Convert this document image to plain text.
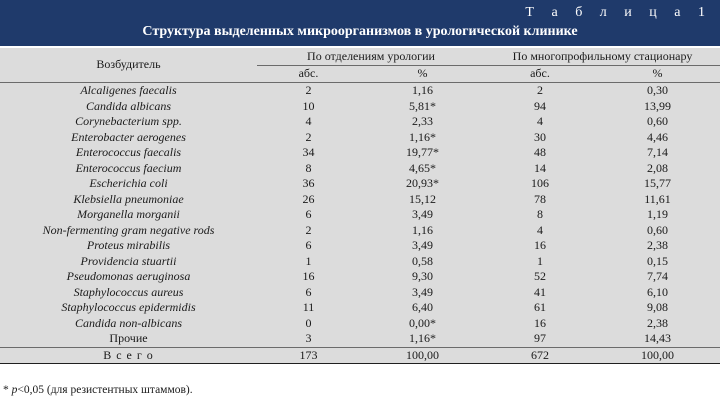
Т а б л и ц а 1
Структура выделенных микроорганизмов в урологической клинике
Возбудитель	По отделениям урологии		По многопрофильному стационару	
	абс.	%	абс.	%
Alcaligenes faecalis	2	1,16	2	0,30
Candida albicans	10	5,81*	94	13,99
Corynebacterium spp.	4	2,33	4	0,60
Enterobacter aerogenes	2	1,16*	30	4,46
Enterococcus faecalis	34	19,77*	48	7,14
Enterococcus faecium	8	4,65*	14	2,08
Escherichia coli	36	20,93*	106	15,77
Klebsiella pneumoniae	26	15,12	78	11,61
Morganella morganii	6	3,49	8	1,19
Non-fermenting gram negative rods	2	1,16	4	0,60
Proteus mirabilis	6	3,49	16	2,38
Providencia stuartii	1	0,58	1	0,15
Pseudomonas aeruginosa	16	9,30	52	7,74
Staphylococcus aureus	6	3,49	41	6,10
Staphylococcus epidermidis	11	6,40	61	9,08
Candida non-albicans	0	0,00*	16	2,38
Прочие	3	1,16*	97	14,43
В с е г о	173	100,00	672	100,00
* p<0,05 (для резистентных штаммов).
